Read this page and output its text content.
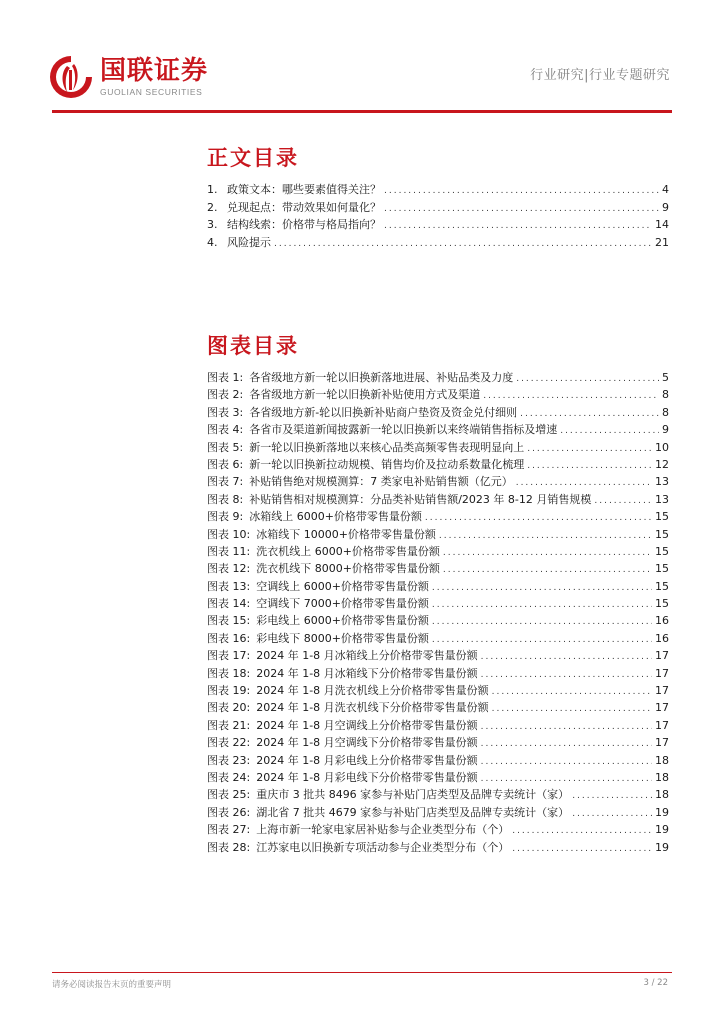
国联证券
GUOLIAN SECURITIES
行业研究|行业专题研究
正文目录
1. 政策文本：哪些要素值得关注？ .....	4
2. 兑现起点：带动效果如何量化？ .....	9
3. 结构线索：价格带与格局指向？ .....	14
4. 风险提示 .....	21
图表目录
图表 1: 各省级地方新一轮以旧换新落地进展、补贴品类及力度 .....	5
图表 2: 各省级地方新一轮以旧换新补贴使用方式及渠道 .....	8
图表 3: 各省级地方新-轮以旧换新补贴商户垫资及资金兑付细则 .....	8
图表 4: 各省市及渠道新闻披露新一轮以旧换新以来终端销售指标及增速 .....	9
图表 5: 新一轮以旧换新落地以来核心品类高频零售表现明显向上 .....	10
图表 6: 新一轮以旧换新拉动规模、销售均价及拉动系数量化梳理 .....	12
图表 7: 补贴销售绝对规模测算：7 类家电补贴销售额（亿元） .....	13
图表 8: 补贴销售相对规模测算：分品类补贴销售额/2023 年 8-12 月销售规模 .....	13
图表 9: 冰箱线上 6000+价格带零售量份额 .....	15
图表 10: 冰箱线下 10000+价格带零售量份额 .....	15
图表 11: 洗衣机线上 6000+价格带零售量份额 .....	15
图表 12: 洗衣机线下 8000+价格带零售量份额 .....	15
图表 13: 空调线上 6000+价格带零售量份额 .....	15
图表 14: 空调线下 7000+价格带零售量份额 .....	15
图表 15: 彩电线上 6000+价格带零售量份额 .....	16
图表 16: 彩电线下 8000+价格带零售量份额 .....	16
图表 17: 2024 年 1-8 月冰箱线上分价格带零售量份额 .....	17
图表 18: 2024 年 1-8 月冰箱线下分价格带零售量份额 .....	17
图表 19: 2024 年 1-8 月洗衣机线上分价格带零售量份额 .....	17
图表 20: 2024 年 1-8 月洗衣机线下分价格带零售量份额 .....	17
图表 21: 2024 年 1-8 月空调线上分价格带零售量份额 .....	17
图表 22: 2024 年 1-8 月空调线下分价格带零售量份额 .....	17
图表 23: 2024 年 1-8 月彩电线上分价格带零售量份额 .....	18
图表 24: 2024 年 1-8 月彩电线下分价格带零售量份额 .....	18
图表 25: 重庆市 3 批共 8496 家参与补贴门店类型及品牌专卖统计（家） .....	18
图表 26: 湖北省 7 批共 4679 家参与补贴门店类型及品牌专卖统计（家） .....	19
图表 27: 上海市新一轮家电家居补贴参与企业类型分布（个） .....	19
图表 28: 江苏家电以旧换新专项活动参与企业类型分布（个） .....	19
请务必阅读报告末页的重要声明	3 / 22
